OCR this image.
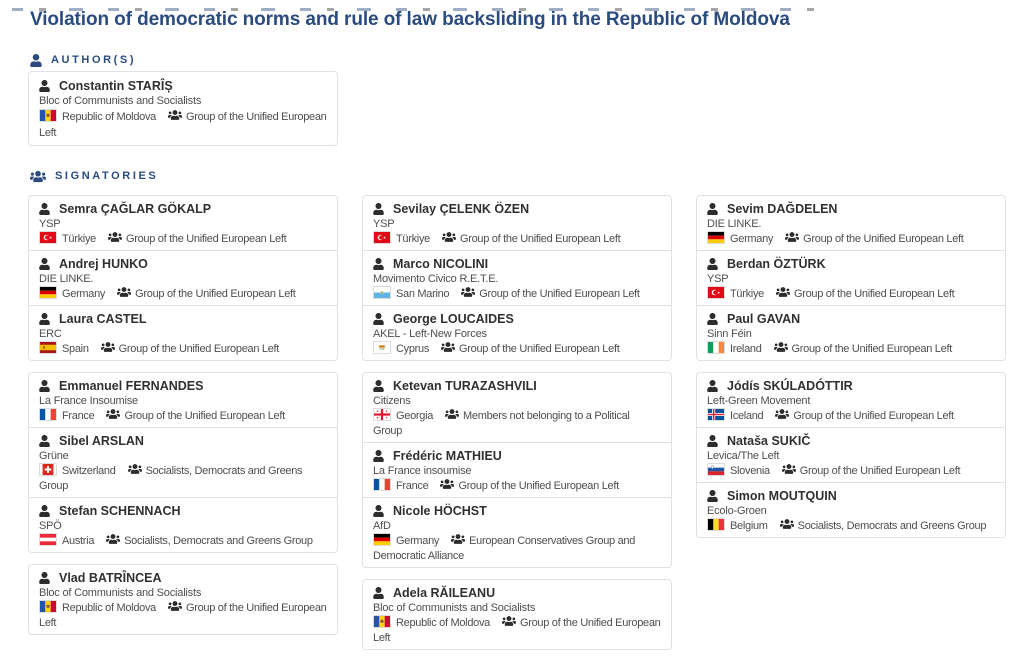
Violation of democratic norms and rule of law backsliding in the Republic of Moldova
AUTHOR(S)
Constantin STARÎȘ
Bloc of Communists and Socialists
Republic of Moldova	Group of the Unified European Left
SIGNATORIES
Semra ÇAĞLAR GÖKALP
YSP
Türkiye	Group of the Unified European Left
Andrej HUNKO
DIE LINKE.
Germany	Group of the Unified European Left
Laura CASTEL
ERC
Spain	Group of the Unified European Left
Emmanuel FERNANDES
La France Insoumise
France	Group of the Unified European Left
Sibel ARSLAN
Grüne
Switzerland	Socialists, Democrats and Greens Group
Stefan SCHENNACH
SPÖ
Austria	Socialists, Democrats and Greens Group
Vlad BATRÎNCEA
Bloc of Communists and Socialists
Republic of Moldova	Group of the Unified European Left
Sevilay ÇELENK ÖZEN
YSP
Türkiye	Group of the Unified European Left
Marco NICOLINI
Movimento Civico R.E.T.E.
San Marino	Group of the Unified European Left
George LOUCAIDES
AKEL - Left-New Forces
Cyprus	Group of the Unified European Left
Ketevan TURAZASHVILI
Citizens
Georgia	Members not belonging to a Political Group
Frédéric MATHIEU
La France insoumise
France	Group of the Unified European Left
Nicole HÖCHST
AfD
Germany	European Conservatives Group and Democratic Alliance
Adela RĂILEANU
Bloc of Communists and Socialists
Republic of Moldova	Group of the Unified European Left
Sevim DAĞDELEN
DIE LINKE.
Germany	Group of the Unified European Left
Berdan ÖZTÜRK
YSP
Türkiye	Group of the Unified European Left
Paul GAVAN
Sinn Féin
Ireland	Group of the Unified European Left
Jódís SKÚLADÓTTIR
Left-Green Movement
Iceland	Group of the Unified European Left
Nataša SUKIČ
Levica/The Left
Slovenia	Group of the Unified European Left
Simon MOUTQUIN
Ecolo-Groen
Belgium	Socialists, Democrats and Greens Group
